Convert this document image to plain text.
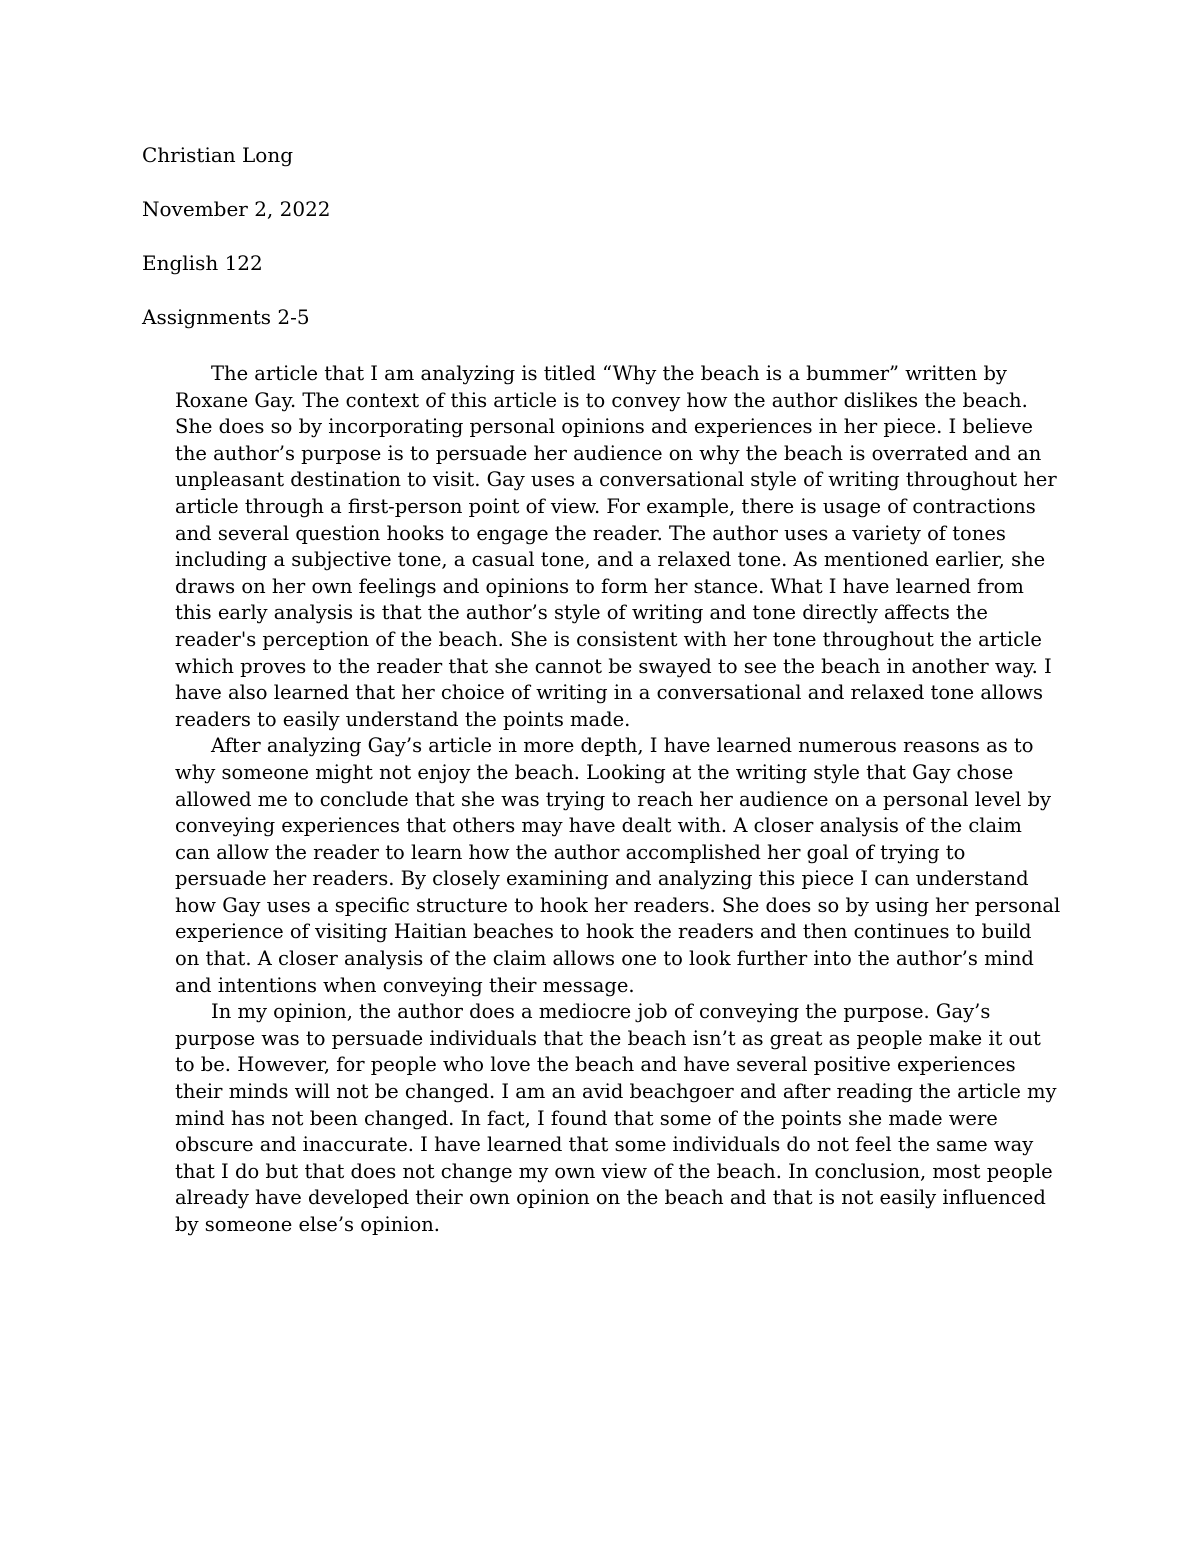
Christian Long
November 2, 2022
English 122
Assignments 2-5

The article that I am analyzing is titled “Why the beach is a bummer” written by Roxane Gay. The context of this article is to convey how the author dislikes the beach. She does so by incorporating personal opinions and experiences in her piece. I believe the author’s purpose is to persuade her audience on why the beach is overrated and an unpleasant destination to visit. Gay uses a conversational style of writing throughout her article through a first-person point of view. For example, there is usage of contractions and several question hooks to engage the reader. The author uses a variety of tones including a subjective tone, a casual tone, and a relaxed tone. As mentioned earlier, she draws on her own feelings and opinions to form her stance. What I have learned from this early analysis is that the author’s style of writing and tone directly affects the reader's perception of the beach. She is consistent with her tone throughout the article which proves to the reader that she cannot be swayed to see the beach in another way. I have also learned that her choice of writing in a conversational and relaxed tone allows readers to easily understand the points made.

After analyzing Gay’s article in more depth, I have learned numerous reasons as to why someone might not enjoy the beach. Looking at the writing style that Gay chose allowed me to conclude that she was trying to reach her audience on a personal level by conveying experiences that others may have dealt with. A closer analysis of the claim can allow the reader to learn how the author accomplished her goal of trying to persuade her readers. By closely examining and analyzing this piece I can understand how Gay uses a specific structure to hook her readers. She does so by using her personal experience of visiting Haitian beaches to hook the readers and then continues to build on that. A closer analysis of the claim allows one to look further into the author’s mind and intentions when conveying their message.

In my opinion, the author does a mediocre job of conveying the purpose. Gay’s purpose was to persuade individuals that the beach isn’t as great as people make it out to be. However, for people who love the beach and have several positive experiences their minds will not be changed. I am an avid beachgoer and after reading the article my mind has not been changed. In fact, I found that some of the points she made were obscure and inaccurate. I have learned that some individuals do not feel the same way that I do but that does not change my own view of the beach. In conclusion, most people already have developed their own opinion on the beach and that is not easily influenced by someone else’s opinion.
